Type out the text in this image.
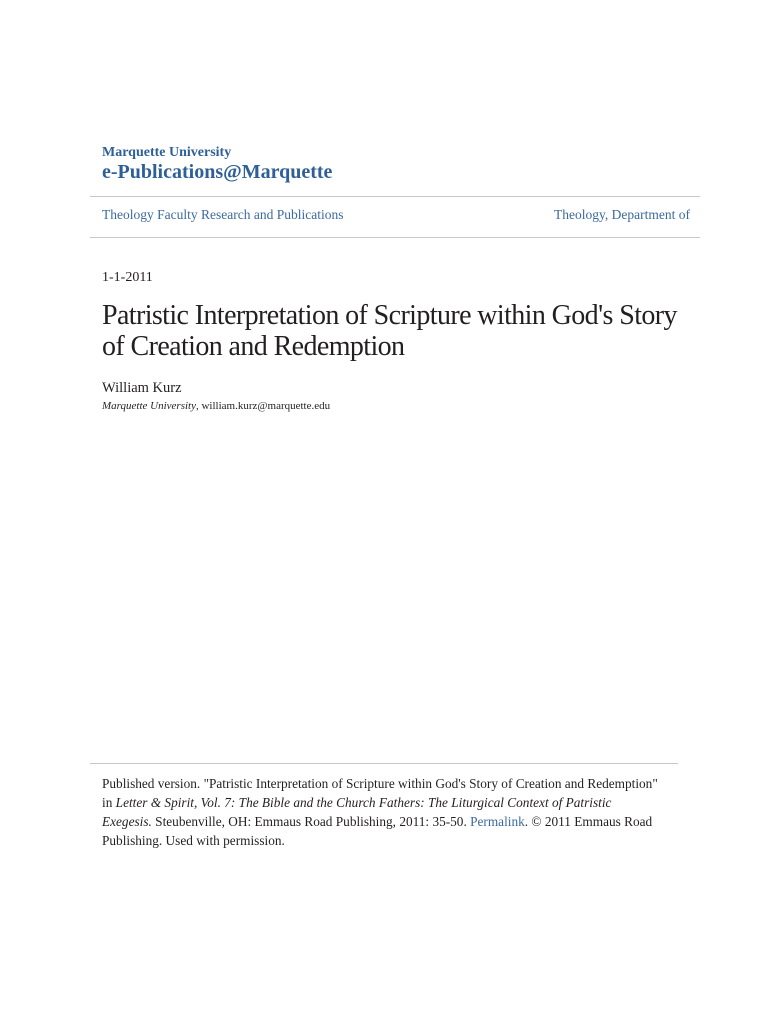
Marquette University
e-Publications@Marquette
Theology Faculty Research and Publications	Theology, Department of
1-1-2011
Patristic Interpretation of Scripture within God's Story of Creation and Redemption
William Kurz
Marquette University, william.kurz@marquette.edu
Published version. "Patristic Interpretation of Scripture within God's Story of Creation and Redemption" in Letter & Spirit, Vol. 7: The Bible and the Church Fathers: The Liturgical Context of Patristic Exegesis. Steubenville, OH: Emmaus Road Publishing, 2011: 35-50. Permalink. © 2011 Emmaus Road Publishing. Used with permission.
